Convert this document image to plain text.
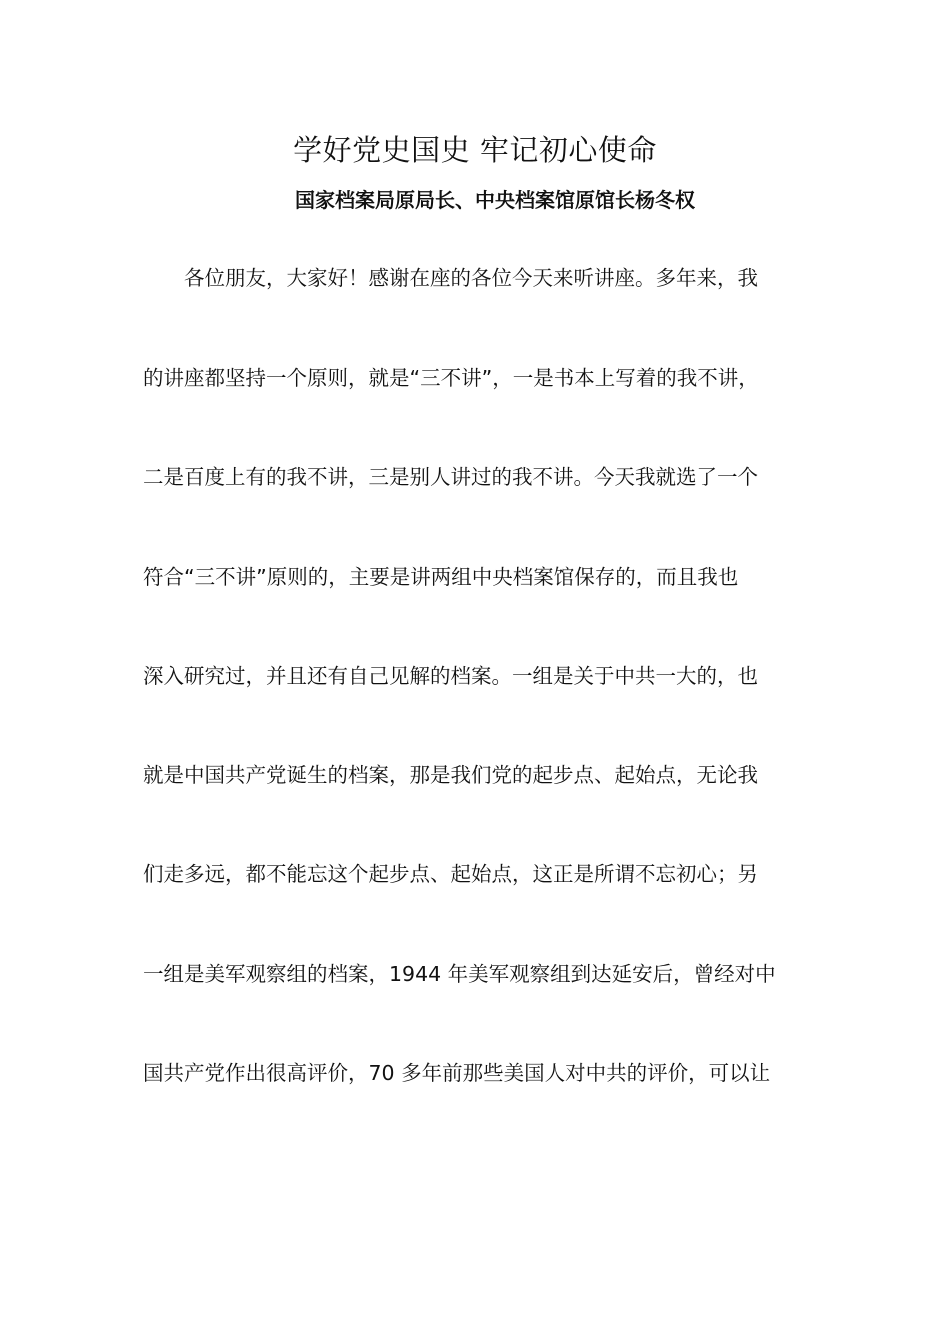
学好党史国史 牢记初心使命
国家档案局原局长、中央档案馆原馆长杨冬权

各位朋友，大家好！感谢在座的各位今天来听讲座。多年来，我

的讲座都坚持一个原则，就是“三不讲”，一是书本上写着的我不讲，

二是百度上有的我不讲，三是别人讲过的我不讲。今天我就选了一个

符合“三不讲”原则的，主要是讲两组中央档案馆保存的，而且我也

深入研究过，并且还有自己见解的档案。一组是关于中共一大的，也

就是中国共产党诞生的档案，那是我们党的起步点、起始点，无论我

们走多远，都不能忘这个起步点、起始点，这正是所谓不忘初心；另

一组是美军观察组的档案，1944 年美军观察组到达延安后，曾经对中

国共产党作出很高评价，70 多年前那些美国人对中共的评价，可以让
